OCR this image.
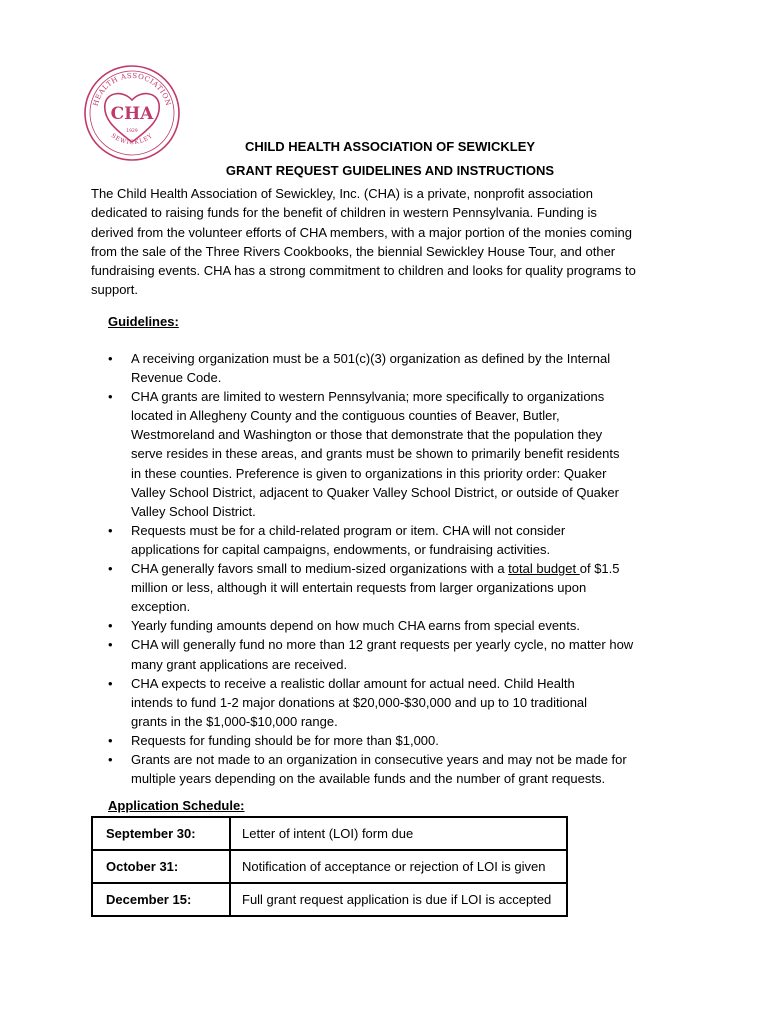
HEALTH ASSOCIATION
SEWICKLEY
CHA
1929
CHILD HEALTH ASSOCIATION OF SEWICKLEY
GRANT REQUEST GUIDELINES AND INSTRUCTIONS

The Child Health Association of Sewickley, Inc. (CHA) is a private, nonprofit association
dedicated to raising funds for the benefit of children in western Pennsylvania. Funding is
derived from the volunteer efforts of CHA members, with a major portion of the monies coming
from the sale of the Three Rivers Cookbooks, the biennial Sewickley House Tour, and other
fundraising events. CHA has a strong commitment to children and looks for quality programs to
support.

Guidelines:
• A receiving organization must be a 501(c)(3) organization as defined by the Internal
Revenue Code.
• CHA grants are limited to western Pennsylvania; more specifically to organizations
located in Allegheny County and the contiguous counties of Beaver, Butler,
Westmoreland and Washington or those that demonstrate that the population they
serve resides in these areas, and grants must be shown to primarily benefit residents
in these counties. Preference is given to organizations in this priority order: Quaker
Valley School District, adjacent to Quaker Valley School District, or outside of Quaker
Valley School District.
• Requests must be for a child-related program or item. CHA will not consider
applications for capital campaigns, endowments, or fundraising activities.
• CHA generally favors small to medium-sized organizations with a total budget of $1.5
million or less, although it will entertain requests from larger organizations upon
exception.
• Yearly funding amounts depend on how much CHA earns from special events.
• CHA will generally fund no more than 12 grant requests per yearly cycle, no matter how
many grant applications are received.
• CHA expects to receive a realistic dollar amount for actual need. Child Health
intends to fund 1-2 major donations at $20,000-$30,000 and up to 10 traditional
grants in the $1,000-$10,000 range.
• Requests for funding should be for more than $1,000.
• Grants are not made to an organization in consecutive years and may not be made for
multiple years depending on the available funds and the number of grant requests.
Application Schedule:
September 30:	Letter of intent (LOI) form due
October 31:	Notification of acceptance or rejection of LOI is given
December 15:	Full grant request application is due if LOI is accepted
